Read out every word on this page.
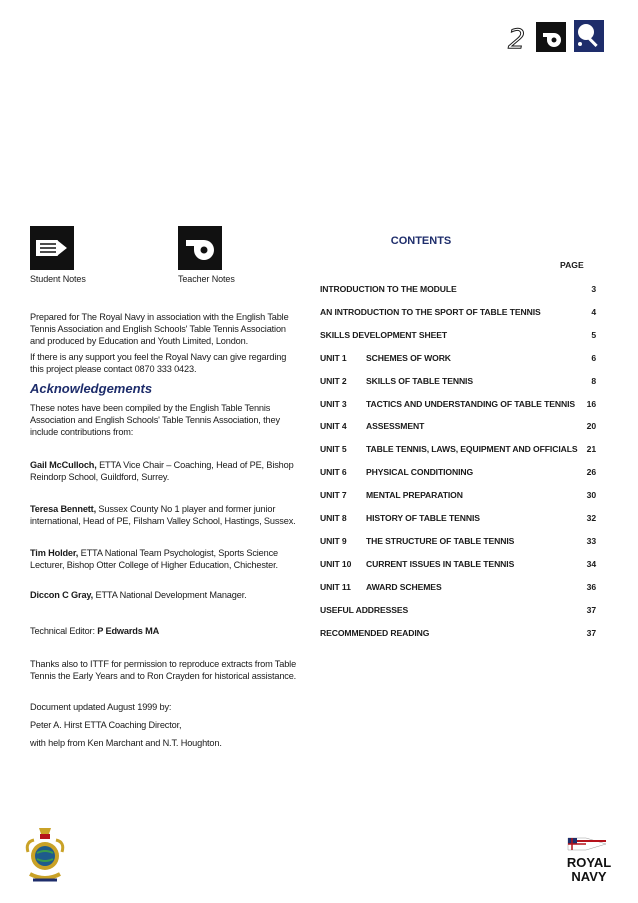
2
Student Notes	Teacher Notes
Prepared for The Royal Navy in association with the English Table Tennis Association and English Schools' Table Tennis Association and produced by Education and Youth Limited, London.
If there is any support you feel the Royal Navy can give regarding this project please contact 0870 333 0423.
Acknowledgements
These notes have been compiled by the English Table Tennis Association and English Schools' Table Tennis Association, they include contributions from:
Gail McCulloch, ETTA Vice Chair – Coaching, Head of PE, Bishop Reindorp School, Guildford, Surrey.
Teresa Bennett, Sussex County No 1 player and former junior international, Head of PE, Filsham Valley School, Hastings, Sussex.
Tim Holder, ETTA National Team Psychologist, Sports Science Lecturer, Bishop Otter College of Higher Education, Chichester.
Diccon C Gray, ETTA National Development Manager.
Technical Editor: P Edwards MA
Thanks also to ITTF for permission to reproduce extracts from Table Tennis the Early Years and to Ron Crayden for historical assistance.
Document updated August 1999 by:
Peter A. Hirst ETTA Coaching Director,
with help from Ken Marchant and N.T. Houghton.
CONTENTS
PAGE
INTRODUCTION TO THE MODULE	3
AN INTRODUCTION TO THE SPORT OF TABLE TENNIS	4
SKILLS DEVELOPMENT SHEET	5
UNIT 1 SCHEMES OF WORK	6
UNIT 2 SKILLS OF TABLE TENNIS	8
UNIT 3 TACTICS AND UNDERSTANDING OF TABLE TENNIS 16
UNIT 4 ASSESSMENT	20
UNIT 5 TABLE TENNIS, LAWS, EQUIPMENT AND OFFICIALS 21
UNIT 6 PHYSICAL CONDITIONING	26
UNIT 7 MENTAL PREPARATION	30
UNIT 8 HISTORY OF TABLE TENNIS	32
UNIT 9 THE STRUCTURE OF TABLE TENNIS	33
UNIT 10 CURRENT ISSUES IN TABLE TENNIS	34
UNIT 11 AWARD SCHEMES	36
USEFUL ADDRESSES	37
RECOMMENDED READING	37
ROYAL
NAVY
